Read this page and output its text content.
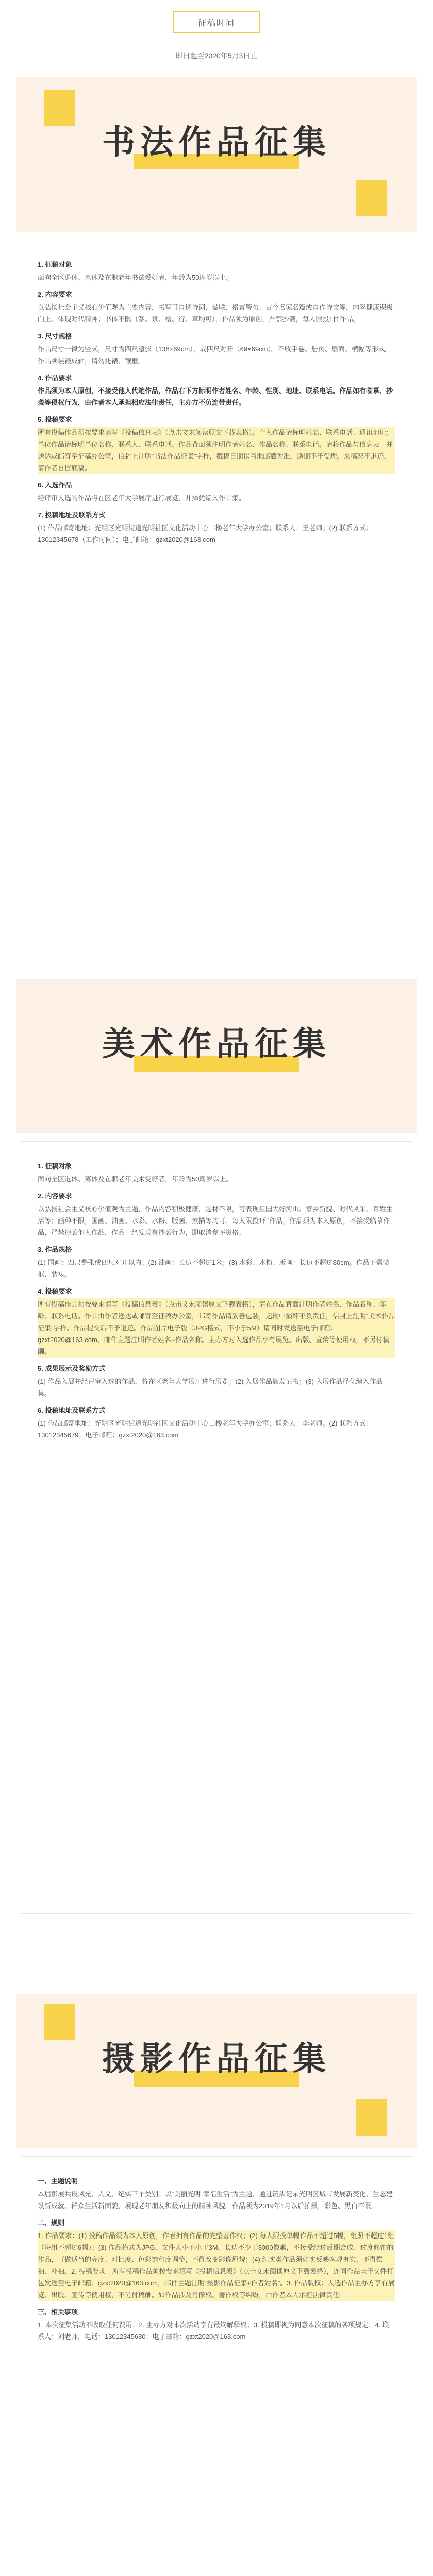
征稿时间
即日起至2020年5月3日止
书法作品征集
1. 征稿对象

面向全区退休、离休及在职老年书法爱好者，年龄为50周岁以上。

2. 内容要求

以弘扬社会主义核心价值观为主要内容，书写可自选诗词、楹联、格言警句、古今名家名篇或自作诗文等，内容健康积极向上、体现时代精神；书体不限（篆、隶、楷、行、草均可），作品须为原创，严禁抄袭，每人限投1件作品。

3. 尺寸规格

作品尺寸一律为竖式，尺寸为四尺整张（138×69cm），或四尺对开（69×69cm）。不收手卷、册页、扇面、横幅等形式。作品须装裱成轴，请勿托裱、镶框。

4. 作品要求

作品须为本人原创，不接受他人代笔作品，作品右下方标明作者姓名、年龄、性别、地址、联系电话。作品如有临摹、抄袭等侵权行为，由作者本人承担相应法律责任，主办方不负连带责任。

5. 投稿要求

所有投稿作品须按要求填写《投稿信息表》（点击文末阅读原文下载表格）。个人作品请标明姓名、联系电话、通讯地址；单位作品请标明单位名称、联系人、联系电话。作品背面须注明作者姓名、作品名称、联系电话。请将作品与信息表一并送达或邮寄至征稿办公室，信封上注明“书法作品征集”字样，截稿日期以当地邮戳为准，逾期不予受理。来稿恕不退还，请作者自留底稿。

6. 入选作品

经评审入选的作品将在区老年大学展厅进行展览，并择优编入作品集。

7. 投稿地址及联系方式

(1) 作品邮寄地址：光明区光明街道光明社区文化活动中心二楼老年大学办公室；联系人：王老师。(2) 联系方式：13012345678（工作时间）；电子邮箱：gzxt2020@163.com

美术作品征集
1. 征稿对象

面向全区退休、离休及在职老年美术爱好者，年龄为50周岁以上。

2. 内容要求

以弘扬社会主义核心价值观为主题，作品内容积极健康，题材不限，可表现祖国大好河山、家乡新貌、时代风采、百姓生活等；画种不限，国画、油画、水彩、水粉、版画、素描等均可。每人限投1件作品，作品须为本人原创，不接受临摹作品，严禁抄袭他人作品，作品一经发现有抄袭行为，即取消参评资格。

3. 作品规格

(1) 国画：四尺整张或四尺对开以内；(2) 油画：长边不超过1米；(3) 水彩、水粉、版画：长边不超过80cm。作品不需装框、装裱。

4. 投稿要求

所有投稿作品须按要求填写《投稿信息表》（点击文末阅读原文下载表格），请在作品背面注明作者姓名、作品名称、年龄、联系电话。作品由作者送达或邮寄至征稿办公室，邮寄作品请妥善包装，运输中损坏不负责任，信封上注明“美术作品征集”字样。作品提交后不予退还。作品图片电子版（JPG格式，不小于5M）请同时发送至电子邮箱：gzxt2020@163.com，邮件主题注明作者姓名+作品名称。主办方对入选作品享有展览、出版、宣传等使用权，不另付稿酬。

5. 成果展示及奖励方式

(1) 作品入展并经评审入选的作品，将在区老年大学展厅进行展览；(2) 入展作品颁发证书；(3) 入展作品择优编入作品集。

6. 投稿地址及联系方式

(1) 作品邮寄地址：光明区光明街道光明社区文化活动中心二楼老年大学办公室；联系人：李老师。(2) 联系方式：13012345679；电子邮箱：gzxt2020@163.com

摄影作品征集
一、主题说明

本届影展共设风光、人文、纪实三个类别。以“美丽光明·幸福生活”为主题，通过镜头记录光明区城市发展新变化、生态建设新成就、群众生活新面貌，展现老年朋友积极向上的精神风貌。作品须为2019年1月以后拍摄，彩色、黑白不限。

二、规则

1. 作品要求：(1) 投稿作品须为本人原创，作者拥有作品的完整著作权；(2) 每人限投单幅作品不超过5幅，组照不超过1组（每组不超过6幅）；(3) 作品格式为JPG，文件大小不小于3M，长边不少于3000像素，不接受经过后期合成、过度修饰的作品，可做适当的亮度、对比度、色彩饱和度调整，不得改变影像原貌；(4) 纪实类作品须如实反映客观事实，不得摆拍、补拍。2. 投稿要求：所有投稿作品须按要求填写《投稿信息表》（点击文末阅读原文下载表格），连同作品电子文件打包发送至电子邮箱：gzxt2020@163.com，邮件主题注明“摄影作品征集+作者姓名”。3. 作品版权：入选作品主办方享有展览、出版、宣传等使用权，不另付稿酬。如作品涉及肖像权、著作权等纠纷，由作者本人承担法律责任。

三、相关事项

1. 本次征集活动不收取任何费用；2. 主办方对本次活动享有最终解释权；3. 投稿即视为同意本次征稿的各项规定；4. 联系人：刘老师，电话：13012345680；电子邮箱：gzxt2020@163.com
